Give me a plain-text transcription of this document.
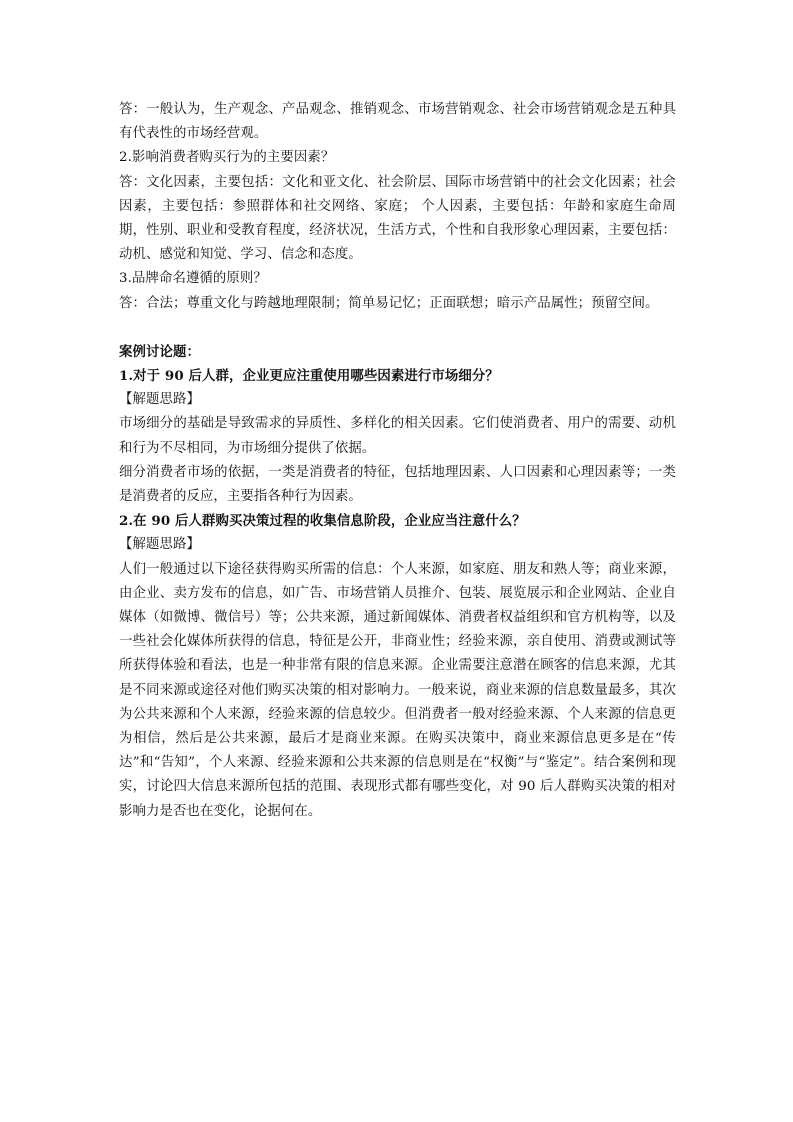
答：一般认为，生产观念、产品观念、推销观念、市场营销观念、社会市场营销观念是五种具有代表性的市场经营观。

2.影响消费者购买行为的主要因素？

答：文化因素，主要包括：文化和亚文化、社会阶层、国际市场营销中的社会文化因素；社会因素，主要包括：参照群体和社交网络、家庭； 个人因素，主要包括：年龄和家庭生命周期，性别、职业和受教育程度，经济状况，生活方式，个性和自我形象心理因素，主要包括：动机、感觉和知觉、学习、信念和态度。

3.品牌命名遵循的原则？

答：合法；尊重文化与跨越地理限制；简单易记忆；正面联想；暗示产品属性；预留空间。

案例讨论题：

1.对于 90 后人群，企业更应注重使用哪些因素进行市场细分？

【解题思路】

市场细分的基础是导致需求的异质性、多样化的相关因素。它们使消费者、用户的需要、动机和行为不尽相同，为市场细分提供了依据。

细分消费者市场的依据，一类是消费者的特征，包括地理因素、人口因素和心理因素等；一类是消费者的反应，主要指各种行为因素。

2.在 90 后人群购买决策过程的收集信息阶段，企业应当注意什么？

【解题思路】

人们一般通过以下途径获得购买所需的信息：个人来源，如家庭、朋友和熟人等；商业来源，由企业、卖方发布的信息，如广告、市场营销人员推介、包装、展览展示和企业网站、企业自媒体（如微博、微信号）等；公共来源，通过新闻媒体、消费者权益组织和官方机构等，以及一些社会化媒体所获得的信息，特征是公开，非商业性；经验来源，亲自使用、消费或测试等所获得体验和看法，也是一种非常有限的信息来源。企业需要注意潜在顾客的信息来源，尤其是不同来源或途径对他们购买决策的相对影响力。一般来说，商业来源的信息数量最多，其次为公共来源和个人来源，经验来源的信息较少。但消费者一般对经验来源、个人来源的信息更为相信，然后是公共来源，最后才是商业来源。在购买决策中，商业来源信息更多是在“传达”和“告知”，个人来源、经验来源和公共来源的信息则是在“权衡”与“鉴定”。结合案例和现实，讨论四大信息来源所包括的范围、表现形式都有哪些变化，对 90 后人群购买决策的相对影响力是否也在变化，论据何在。
